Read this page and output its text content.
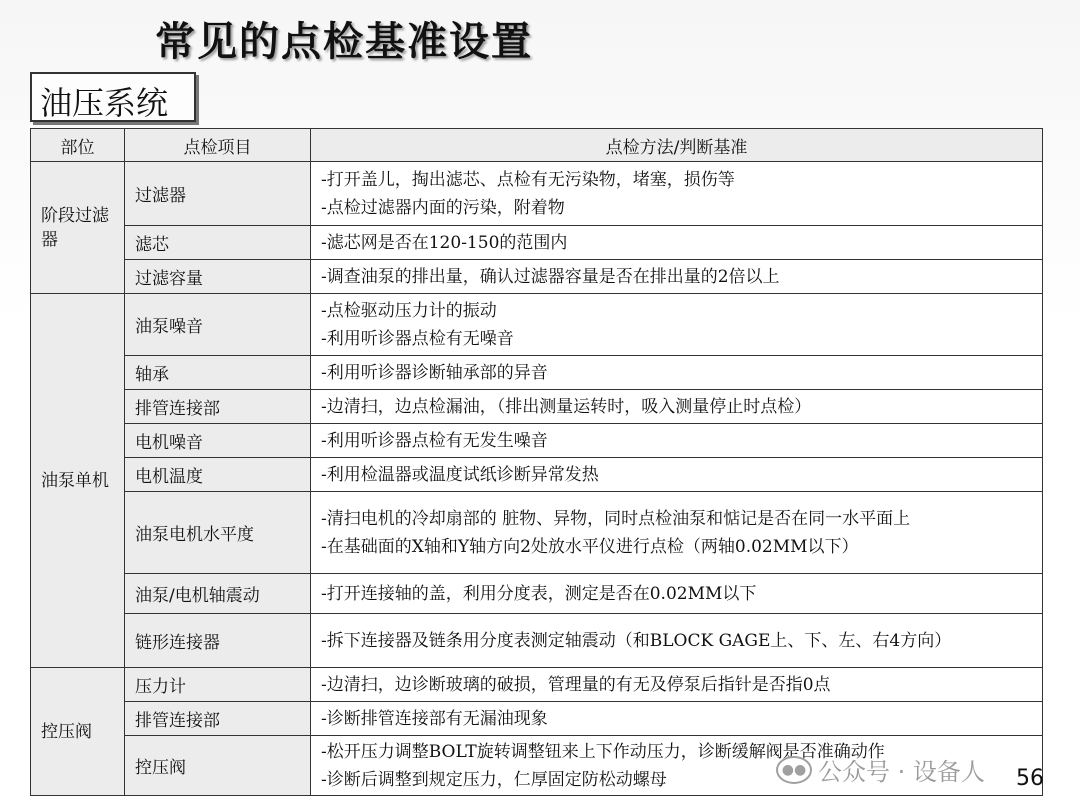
常见的点检基准设置
油压系统
部位	点检项目	点检方法/判断基准
阶段过滤器	过滤器	-打开盖儿，掏出滤芯、点检有无污染物，堵塞，损伤等
-点检过滤器内面的污染，附着物

	滤芯	-滤芯网是否在120-150的范围内

	过滤容量	-调查油泵的排出量，确认过滤器容量是否在排出量的2倍以上

油泵单机	油泵噪音	-点检驱动压力计的振动
-利用听诊器点检有无噪音

	轴承	-利用听诊器诊断轴承部的异音

	排管连接部	-边清扫，边点检漏油，（排出测量运转时，吸入测量停止时点检）

	电机噪音	-利用听诊器点检有无发生噪音

	电机温度	-利用检温器或温度试纸诊断异常发热

	油泵电机水平度	-清扫电机的冷却扇部的 脏物、异物，同时点检油泵和惦记是否在同一水平面上
-在基础面的X轴和Y轴方向2处放水平仪进行点检（两轴0.02MM以下）

	油泵/电机轴震动	-打开连接轴的盖，利用分度表，测定是否在0.02MM以下

	链形连接器	-拆下连接器及链条用分度表测定轴震动（和BLOCK GAGE上、下、左、右4方向）

控压阀	压力计	-边清扫，边诊断玻璃的破损，管理量的有无及停泵后指针是否指0点

	排管连接部	-诊断排管连接部有无漏油现象

	控压阀	-松开压力调整BOLT旋转调整钮来上下作动压力，诊断缓解阀是否准确动作
-诊断后调整到规定压力，仁厚固定防松动螺母	●● 公众号 · 设备人 56
